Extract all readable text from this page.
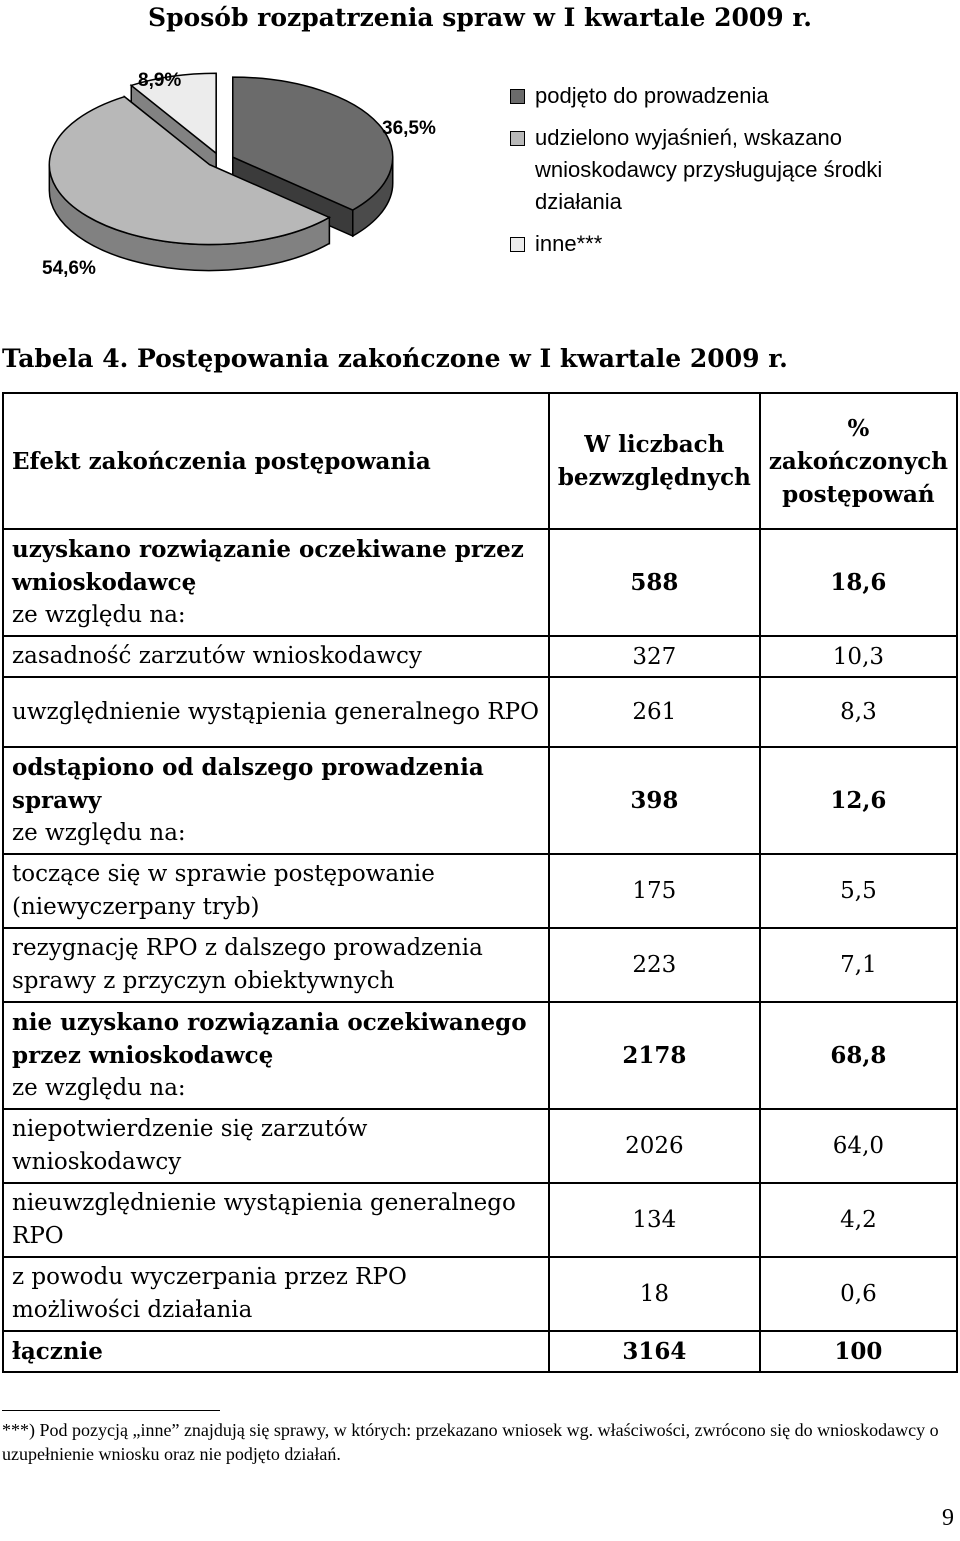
Sposób rozpatrzenia spraw w I kwartale 2009 r.
36,5%
54,6%
8,9%
podjęto do prowadzenia
udzielono wyjaśnień, wskazano wnioskodawcy przysługujące środki działania
inne***
Tabela 4. Postępowania zakończone w I kwartale 2009 r.
Efekt zakończenia postępowania	W liczbach bezwzględnych	% zakończonych postępowań

uzyskano rozwiązanie oczekiwane przez wnioskodawcę
ze względu na:	588	18,6
zasadność zarzutów wnioskodawcy	327	10,3
uwzględnienie wystąpienia generalnego RPO	261	8,3

odstąpiono od dalszego prowadzenia sprawy
ze względu na:	398	12,6
toczące się w sprawie postępowanie (niewyczerpany tryb)	175	5,5
rezygnację RPO z dalszego prowadzenia sprawy z przyczyn obiektywnych	223	7,1

nie uzyskano rozwiązania oczekiwanego przez wnioskodawcę
ze względu na:	2178	68,8
niepotwierdzenie się zarzutów wnioskodawcy	2026	64,0
nieuwzględnienie wystąpienia generalnego RPO	134	4,2
z powodu wyczerpania przez RPO możliwości działania	18	0,6
łącznie	3164	100
***) Pod pozycją „inne” znajdują się sprawy, w których: przekazano wniosek wg. właściwości, zwrócono się do wnioskodawcy o uzupełnienie wniosku oraz nie podjęto działań.
9
